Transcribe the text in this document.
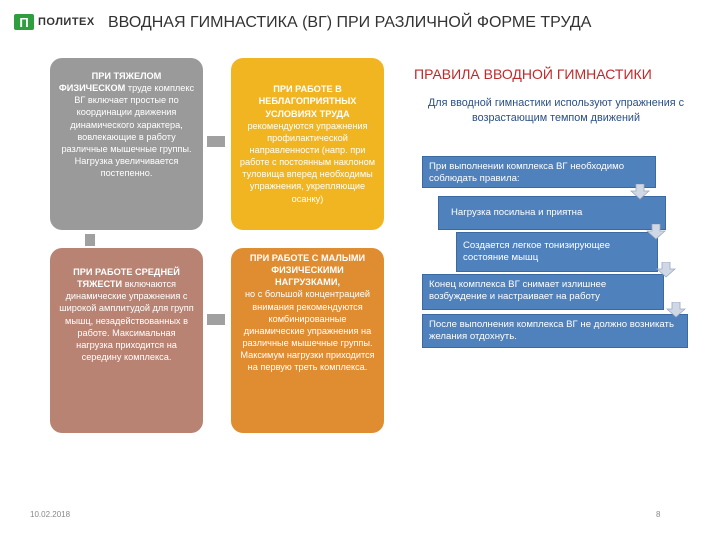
П ПОЛИТЕХ ВВОДНАЯ ГИМНАСТИКА (ВГ) ПРИ РАЗЛИЧНОЙ ФОРМЕ ТРУДА
ПРИ ТЯЖЕЛОМ ФИЗИЧЕСКОМ труде комплекс ВГ включает простые по координации движения динамического характера, вовлекающие в работу различные мышечные группы. Нагрузка увеличивается постепенно.
ПРИ РАБОТЕ В НЕБЛАГОПРИЯТНЫХ УСЛОВИЯХ ТРУДА
рекомендуются упражнения профилактической направленности (напр. при работе с постоянным наклоном туловища вперед необходимы упражнения, укрепляющие осанку)
ПРИ РАБОТЕ СРЕДНЕЙ ТЯЖЕСТИ включаются динамические упражнения с широкой амплитудой для групп мышц, незадействованных в работе. Максимальная нагрузка приходится на середину комплекса.
ПРИ РАБОТЕ С МАЛЫМИ ФИЗИЧЕСКИМИ НАГРУЗКАМИ,
но с большой концентрацией внимания рекомендуются комбинированные динамические упражнения на различные мышечные группы. Максимум нагрузки приходится на первую треть комплекса.
ПРАВИЛА ВВОДНОЙ ГИМНАСТИКИ
Для вводной гимнастики используют упражнения с возрастающим темпом движений
При выполнении комплекса ВГ необходимо соблюдать правила:
Нагрузка посильна и приятна
Создается легкое тонизирующее состояние мышц
Конец комплекса ВГ снимает излишнее возбуждение и настраивает на работу
После выполнения комплекса ВГ не должно возникать желания отдохнуть.
10.02.2018	8
